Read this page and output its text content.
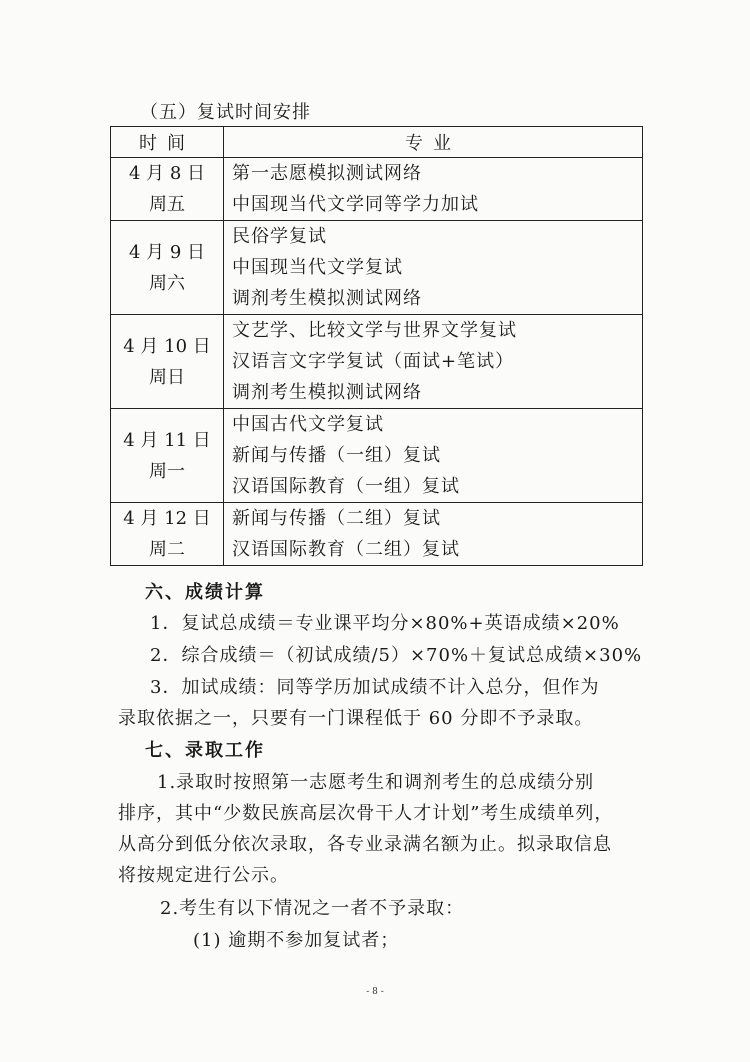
（五）复试时间安排
时间	专业

4 月 8 日
周五	第一志愿模拟测试网络
中国现当代文学同等学力加试

4 月 9 日
周六	民俗学复试
中国现当代文学复试
调剂考生模拟测试网络

4 月 10 日
周日	文艺学、比较文学与世界文学复试
汉语言文字学复试（面试+笔试）
调剂考生模拟测试网络

4 月 11 日
周一	中国古代文学复试
新闻与传播（一组）复试
汉语国际教育（一组）复试

4 月 12 日
周二	新闻与传播（二组）复试
汉语国际教育（二组）复试
六、成绩计算
1．复试总成绩＝专业课平均分×80%+英语成绩×20%
2．综合成绩＝（初试成绩/5）×70%＋复试总成绩×30%
3．加试成绩：同等学历加试成绩不计入总分，但作为
录取依据之一，只要有一门课程低于 60 分即不予录取。
七、录取工作
1.录取时按照第一志愿考生和调剂考生的总成绩分别
排序，其中“少数民族高层次骨干人才计划”考生成绩单列，
从高分到低分依次录取，各专业录满名额为止。拟录取信息
将按规定进行公示。
2.考生有以下情况之一者不予录取：
(1) 逾期不参加复试者；
- 8 -
